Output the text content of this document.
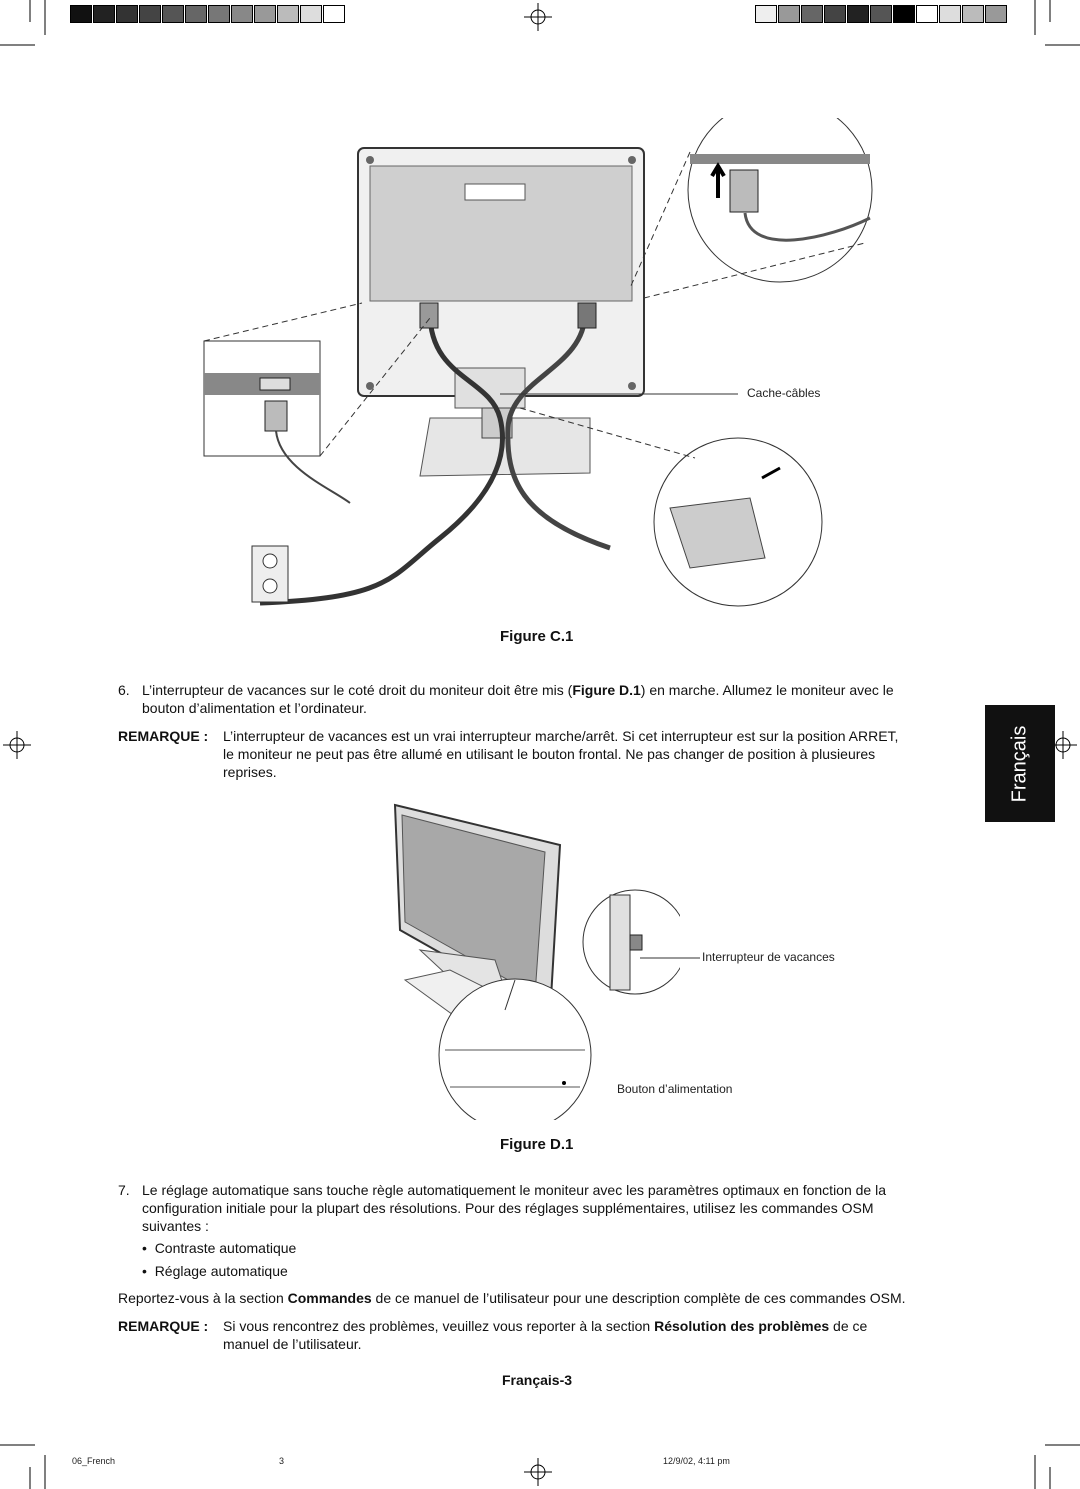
Cache-câbles
Figure C.1
6. L’interrupteur de vacances sur le coté droit du moniteur doit être mis (Figure D.1) en marche. Allumez le moniteur avec le
bouton d’alimentation et l’ordinateur.
REMARQUE : L’interrupteur de vacances est un vrai interrupteur marche/arrêt. Si cet interrupteur est sur la position ARRET,
le moniteur ne peut pas être allumé en utilisant le bouton frontal. Ne pas changer de position à plusieures
reprises.	Français
Interrupteur de vacances
Bouton d’alimentation
Figure D.1
7. Le réglage automatique sans touche règle automatiquement le moniteur avec les paramètres optimaux en fonction de la
configuration initiale pour la plupart des résolutions. Pour des réglages supplémentaires, utilisez les commandes OSM
suivantes :
•  Contraste automatique
•  Réglage automatique
Reportez-vous à la section Commandes de ce manuel de l’utilisateur pour une description complète de ces commandes OSM.
REMARQUE : Si vous rencontrez des problèmes, veuillez vous reporter à la section Résolution des problèmes de ce
manuel de l’utilisateur.
Français-3
06_French	3	12/9/02, 4:11 pm
